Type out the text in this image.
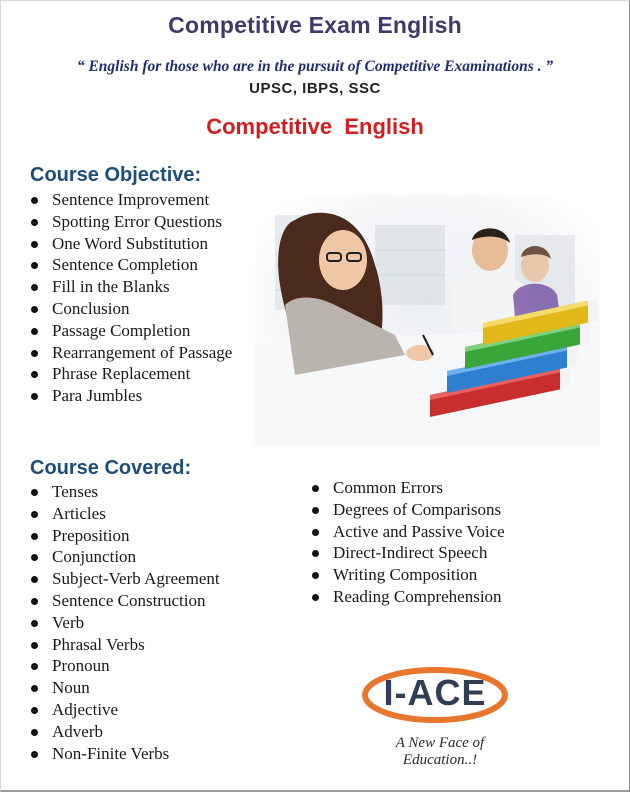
Competitive Exam English
“ English for those who are in the pursuit of Competitive Examinations . ”
UPSC, IBPS, SSC
Competitive  English
Course Objective:
Sentence Improvement
Spotting Error Questions
One Word Substitution
Sentence Completion
Fill in the Blanks
Conclusion
Passage Completion
Rearrangement of Passage
Phrase Replacement
Para Jumbles
Course Covered:
Tenses
Articles
Preposition
Conjunction
Subject-Verb Agreement
Sentence Construction
Verb
Phrasal Verbs
Pronoun
Noun
Adjective
Adverb
Non-Finite Verbs
Common Errors
Degrees of Comparisons
Active and Passive Voice
Direct-Indirect Speech
Writing Composition
Reading Comprehension
I-ACE
A New Face of Education..!
